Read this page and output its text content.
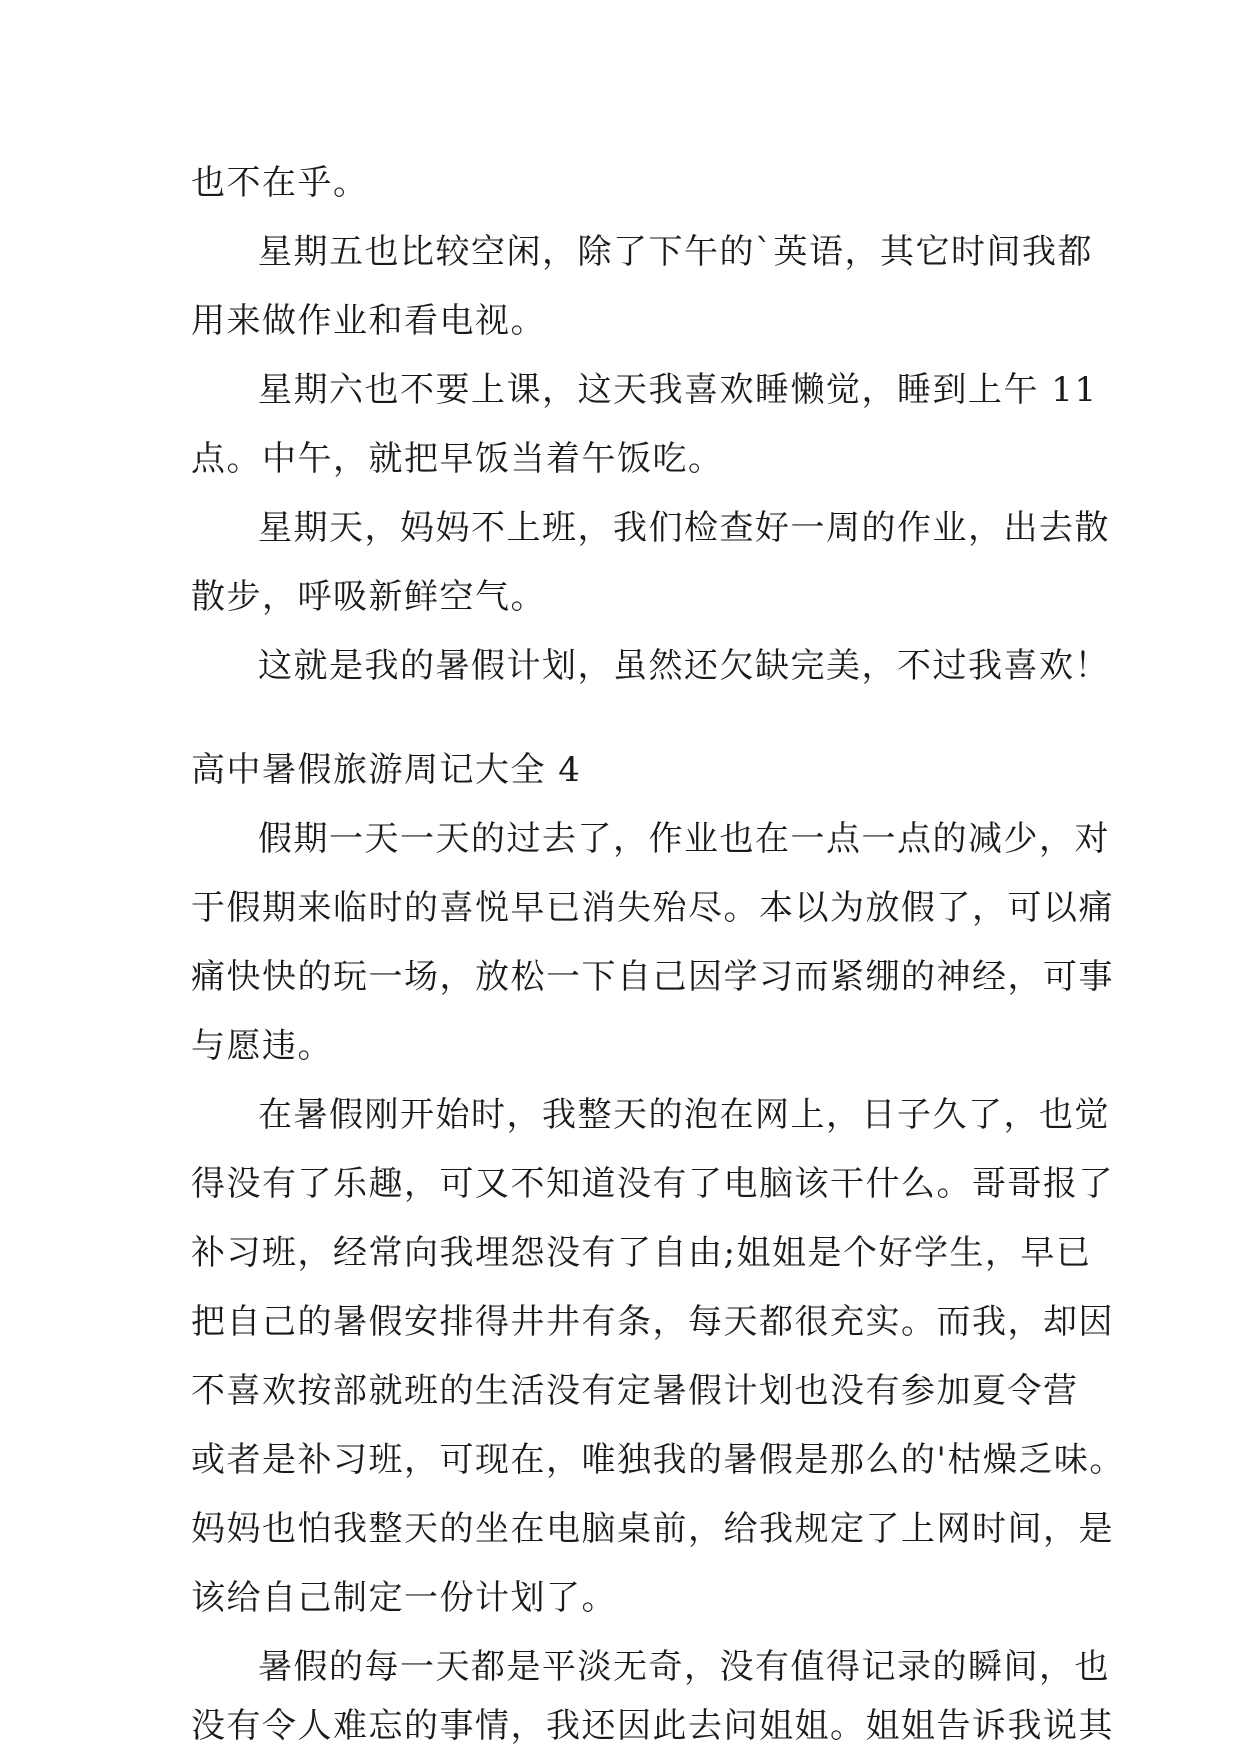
也不在乎。
星期五也比较空闲，除了下午的`英语，其它时间我都
用来做作业和看电视。
星期六也不要上课，这天我喜欢睡懒觉，睡到上午 11
点。中午，就把早饭当着午饭吃。
星期天，妈妈不上班，我们检查好一周的作业，出去散
散步，呼吸新鲜空气。
这就是我的暑假计划，虽然还欠缺完美，不过我喜欢！
高中暑假旅游周记大全 4
假期一天一天的过去了，作业也在一点一点的减少，对
于假期来临时的喜悦早已消失殆尽。本以为放假了，可以痛
痛快快的玩一场，放松一下自己因学习而紧绷的神经，可事
与愿违。
在暑假刚开始时，我整天的泡在网上，日子久了，也觉
得没有了乐趣，可又不知道没有了电脑该干什么。哥哥报了
补习班，经常向我埋怨没有了自由;姐姐是个好学生，早已
把自己的暑假安排得井井有条，每天都很充实。而我，却因
不喜欢按部就班的生活没有定暑假计划也没有参加夏令营
或者是补习班，可现在，唯独我的暑假是那么的'枯燥乏味。
妈妈也怕我整天的坐在电脑桌前，给我规定了上网时间，是
该给自己制定一份计划了。
暑假的每一天都是平淡无奇，没有值得记录的瞬间，也
没有令人难忘的事情，我还因此去问姐姐。姐姐告诉我说其
